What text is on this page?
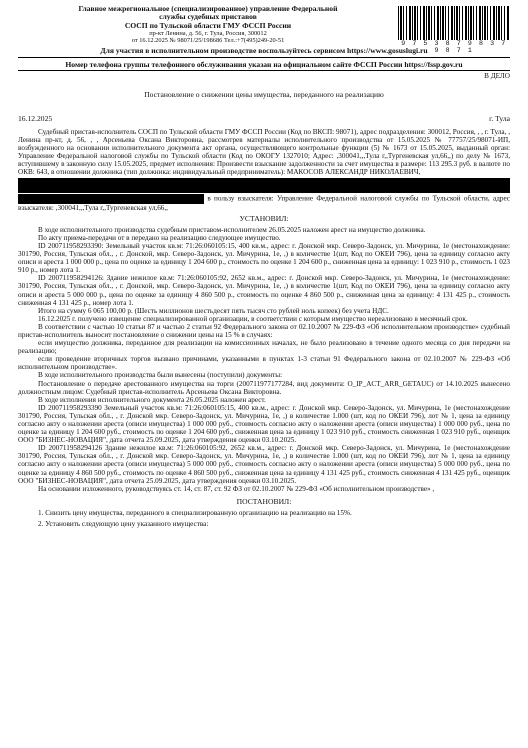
Главное межрегиональное (специализированное) управление Федеральной
службы судебных приставов
СОСП по Тульской области ГМУ ФССП России
пр-кт Ленина, д. 56, г. Тула, Россия, 300012
от 16.12.2025 № 98071/25/198686 Тел.:+7(495)249-20-51	9 7 5 3 8 7 9 8 3 7 9 8 7 1
Для участия в исполнительном производстве воспользуйтесь сервисом https://www.gosuslugi.ru
Номер телефона группы телефонного обслуживания указан на официальном сайте ФССП России https://fssp.gov.ru
В ДЕЛО
Постановление о снижении цены имущества, переданного на реализацию
16.12.2025	г. Тула

Судебный пристав-исполнитель СОСП по Тульской области ГМУ ФССП России (Код по ВКСП: 98071), адрес подразделения: 300012, Россия, , , г. Тула, , Ленина пр-кт, д. 56, , , Арсеньева Оксана Викторовна, рассмотрев материалы исполнительного производства от 15.05.2025 № 77757/25/98071-ИП, возбужденного на основании исполнительного документа акт органа, осуществляющего контрольные функции (5) № 1673 от 15.05.2025, выданный орган: Управление Федеральной налоговой службы по Тульской области (Код по ОКОГУ 1327010; Адрес: ,300041,,,Тула г,,Тургеневская ул,66,,) по делу № 1673, вступившему в законную силу 15.05.2025, предмет исполнения: Произвести взыскание задолженности за счет имущества в размере: 113 295.3 руб. в валюте по ОКВ: 643, в отношении должника (тип должника: индивидуальный предприниматель): МАКОСОВ АЛЕКСАНДР НИКОЛАЕВИЧ,

в пользу взыскателя: Управление Федеральной налоговой службы по Тульской области, адрес взыскателя: ,300041,,,Тула г,,Тургеневская ул,66,,

УСТАНОВИЛ:

В ходе исполнительного производства судебным приставом-исполнителем 26.05.2025 наложен арест на имущество должника.

По акту приема-передачи от в передано на реализацию следующее имущество.

ID 200711958293390: Земельный участок кв.м: 71:26:060105:15, 400 кв.м., адрес: г. Донской мкр. Северо-Задонск, ул. Мичурина, 1е (местонахождение: 301790, Россия, Тульская обл., , г. Донской, мкр. Северо-Задонск, ул. Мичурина, 1е, ,) в количестве 1(шт, Код по ОКЕИ 796), цена за единицу согласно акту описи и ареста 1 000 000 р., цена по оценке за единицу 1 204 600 р., стоимость по оценке 1 204 600 р., сниженная цена за единицу: 1 023 910 р., стоимость 1 023 910 р., номер лота 1.

ID 200711958294126: Здание нежилое кв.м: 71:26:060105:92, 2652 кв.м., адрес: г. Донской мкр. Северо-Задонск, ул. Мичурина, 1е (местонахождение: 301790, Россия, Тульская обл., , г. Донской, мкр. Северо-Задонск, ул. Мичурина, 1е, ,) в количестве 1(шт, Код по ОКЕИ 796), цена за единицу согласно акту описи и ареста 5 000 000 р., цена по оценке за единицу 4 860 500 р., стоимость по оценке 4 860 500 р., сниженная цена за единицу: 4 131 425 р., стоимость сниженная 4 131 425 р., номер лота 1.

Итого на сумму 6 065 100,00 р. (Шесть миллионов шестьдесят пять тысяч сто рублей ноль копеек) без учета НДС.

16.12.2025 г. получено извещение специализированной организации, в соответствии с которым имущество нереализовано в месячный срок.

В соответствии с частью 10 статьи 87 и частью 2 статьи 92 Федерального закона от 02.10.2007 № 229-ФЗ «Об исполнительном производстве» судебный пристав-исполнитель выносит постановление о снижении цены на 15 % в случаях:

если имущество должника, переданное для реализации на комиссионных началах, не было реализовано в течение одного месяца со дня передачи на реализацию;

если проведение вторичных торгов вызвано причинами, указанными в пунктах 1-3 статьи 91 Федерального закона от 02.10.2007 № 229-ФЗ «Об исполнительном производстве».

В ходе исполнительного производства были вынесены (поступили) документы:

Постановление о передаче арестованного имущества на торги (200711977177284, вид документа: O_IP_ACT_ARR_GETAUC) от 14.10.2025 вынесено должностным лицом: Судебный пристав-исполнитель Арсеньева Оксана Викторовна.

В ходе исполнения исполнительного документа 26.05.2025 наложен арест.

ID 200711958293390 Земельный участок кв.м: 71:26:060105:15, 400 кв.м., адрес: г. Донской мкр. Северо-Задонск, ул. Мичурина, 1е (местонахождение 301790, Россия, Тульская обл., , г. Донской мкр. Северо-Задонск, ул. Мичурина, 1е, ,) в количестве 1.000 (шт, код по ОКЕИ 796), лот № 1, цена за единицу согласно акту о наложении ареста (описи имущества) 1 000 000 руб., стоимость согласно акту о наложении ареста (описи имущества) 1 000 000 руб., цена по оценке за единицу 1 204 600 руб., стоимость по оценке 1 204 600 руб., сниженная цена за единицу 1 023 910 руб., стоимость сниженная 1 023 910 руб., оценщик ООО "БИЗНЕС-НОВАЦИЯ", дата отчета 25.09.2025, дата утверждения оценки 03.10.2025.

ID 200711958294126 Здание нежилое кв.м: 71:26:060105:92, 2652 кв.м., адрес: г. Донской мкр. Северо-Задонск, ул. Мичурина, 1е (местонахождение 301790, Россия, Тульская обл., , г. Донской мкр. Северо-Задонск, ул. Мичурина, 1е, ,) в количестве 1.000 (шт, код по ОКЕИ 796), лот № 1, цена за единицу согласно акту о наложении ареста (описи имущества) 5 000 000 руб., стоимость согласно акту о наложении ареста (описи имущества) 5 000 000 руб., цена по оценке за единицу 4 860 500 руб., стоимость по оценке 4 860 500 руб., сниженная цена за единицу 4 131 425 руб., стоимость сниженная 4 131 425 руб., оценщик ООО "БИЗНЕС-НОВАЦИЯ", дата отчета 25.09.2025, дата утверждения оценки 03.10.2025.

На основании изложенного, руководствуясь ст. 14, ст. 87, ст. 92 ФЗ от 02.10.2007 № 229-ФЗ «Об исполнительном производстве» ,

ПОСТАНОВИЛ:

1. Снизить цену имущества, переданного в специализированную организацию на реализацию на 15%.

2. Установить следующую цену указанного имущества:
